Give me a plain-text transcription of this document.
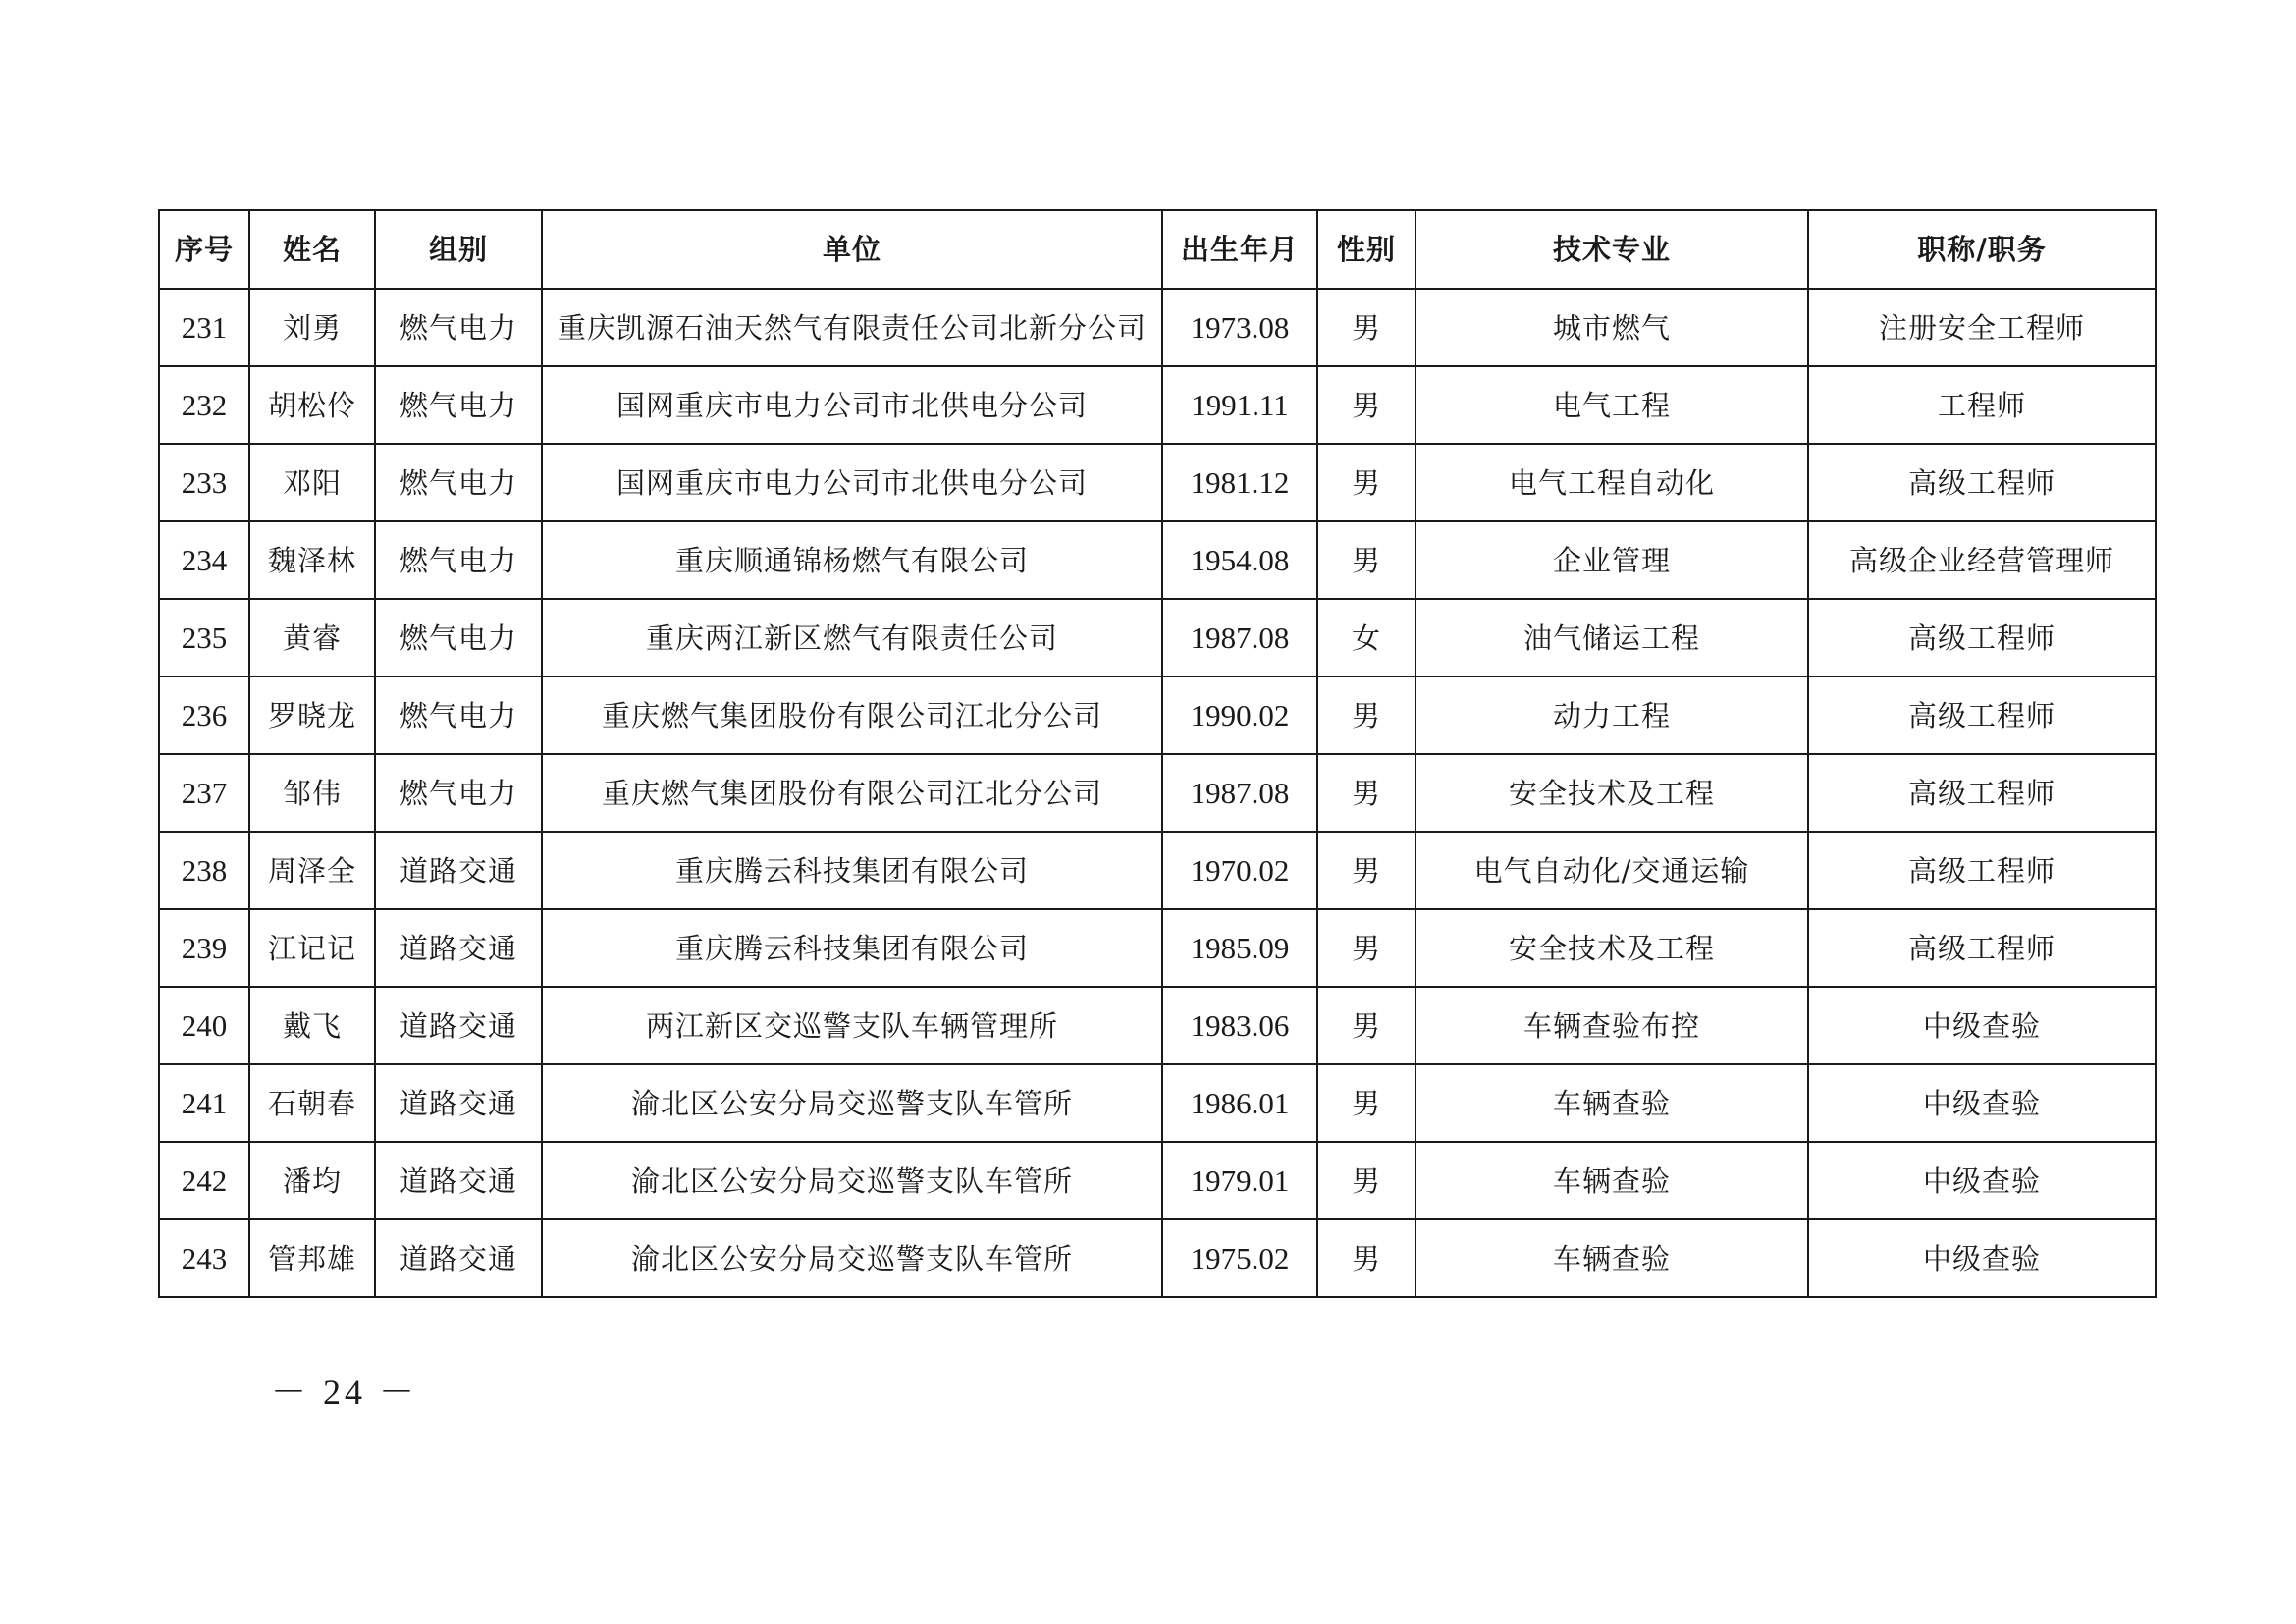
序号	姓名	组别	单位	出生年月	性别	技术专业	职称/职务
231	刘勇	燃气电力	重庆凯源石油天然气有限责任公司北新分公司	1973.08	男	城市燃气	注册安全工程师
232	胡松伶	燃气电力	国网重庆市电力公司市北供电分公司	1991.11	男	电气工程	工程师
233	邓阳	燃气电力	国网重庆市电力公司市北供电分公司	1981.12	男	电气工程自动化	高级工程师
234	魏泽林	燃气电力	重庆顺通锦杨燃气有限公司	1954.08	男	企业管理	高级企业经营管理师
235	黄睿	燃气电力	重庆两江新区燃气有限责任公司	1987.08	女	油气储运工程	高级工程师
236	罗晓龙	燃气电力	重庆燃气集团股份有限公司江北分公司	1990.02	男	动力工程	高级工程师
237	邹伟	燃气电力	重庆燃气集团股份有限公司江北分公司	1987.08	男	安全技术及工程	高级工程师
238	周泽全	道路交通	重庆腾云科技集团有限公司	1970.02	男	电气自动化/交通运输	高级工程师
239	江记记	道路交通	重庆腾云科技集团有限公司	1985.09	男	安全技术及工程	高级工程师
240	戴飞	道路交通	两江新区交巡警支队车辆管理所	1983.06	男	车辆查验布控	中级查验
241	石朝春	道路交通	渝北区公安分局交巡警支队车管所	1986.01	男	车辆查验	中级查验
242	潘均	道路交通	渝北区公安分局交巡警支队车管所	1979.01	男	车辆查验	中级查验
243	管邦雄	道路交通	渝北区公安分局交巡警支队车管所	1975.02	男	车辆查验	中级查验
－ 24 －
